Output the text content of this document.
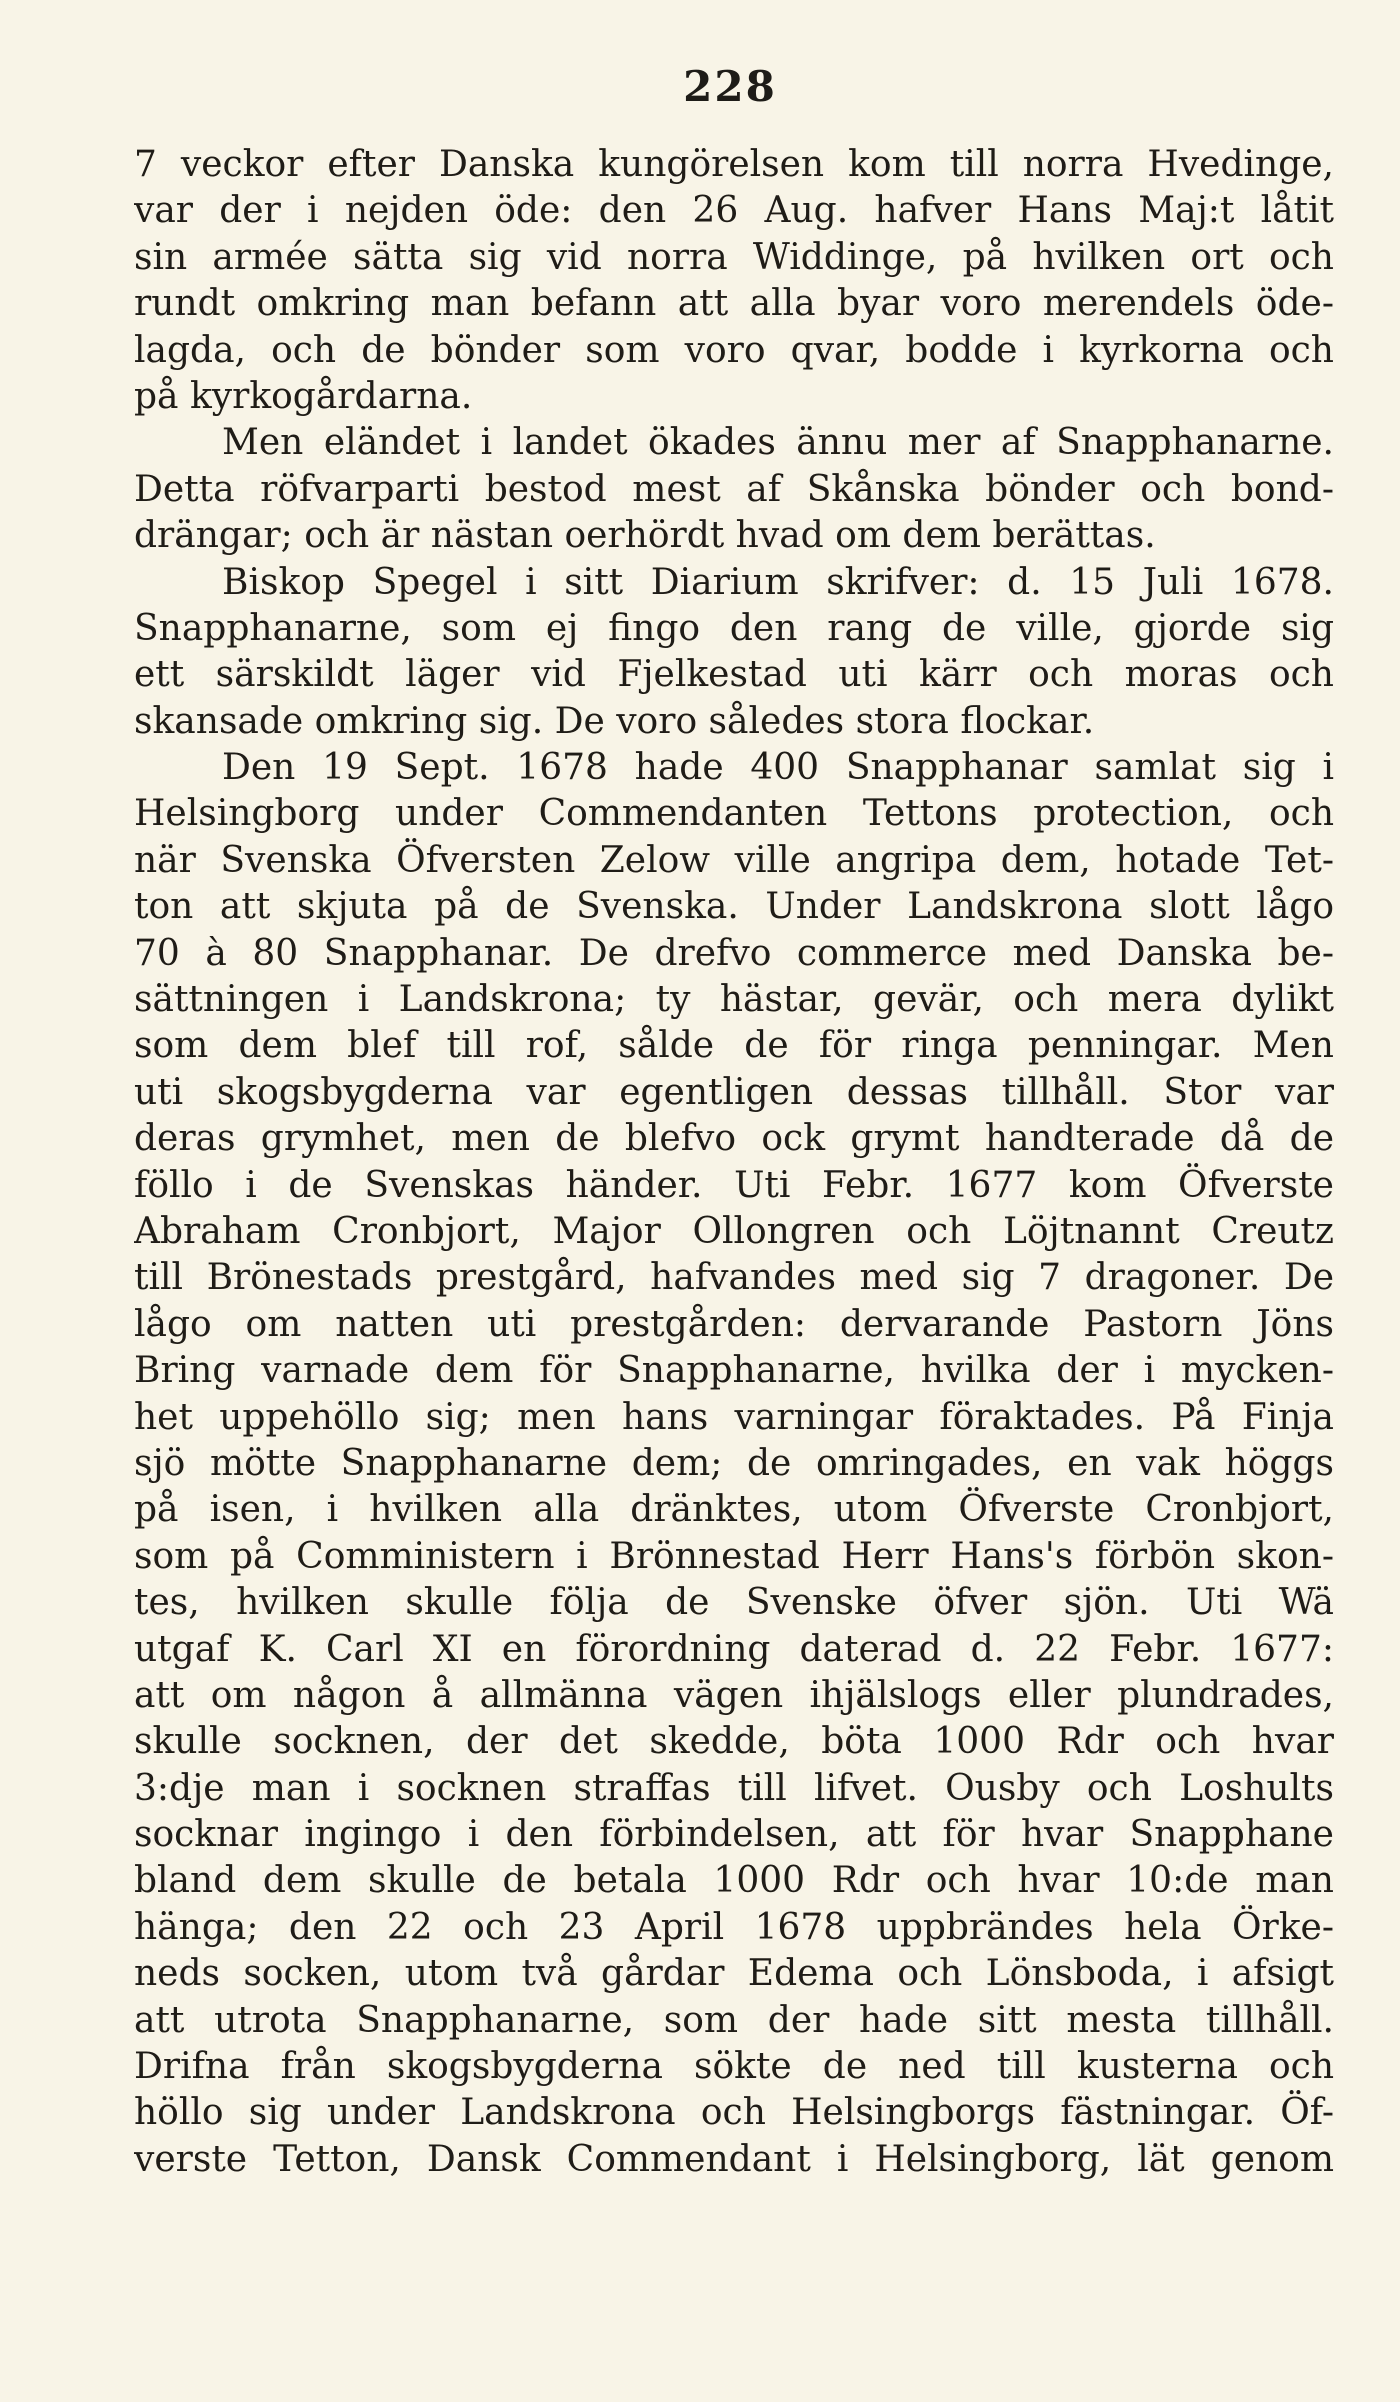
228
7 veckor efter Danska kungörelsen kom till norra Hvedinge,
var der i nejden öde: den 26 Aug. hafver Hans Maj:t låtit
sin armée sätta sig vid norra Widdinge, på hvilken ort och
rundt omkring man befann att alla byar voro merendels öde-
lagda, och de bönder som voro qvar, bodde i kyrkorna och
på kyrkogårdarna.
Men eländet i landet ökades ännu mer af Snapphanarne.
Detta röfvarparti bestod mest af Skånska bönder och bond-
drängar; och är nästan oerhördt hvad om dem berättas.
Biskop Spegel i sitt Diarium skrifver: d. 15 Juli 1678.
Snapphanarne, som ej fingo den rang de ville, gjorde sig
ett särskildt läger vid Fjelkestad uti kärr och moras och
skansade omkring sig. De voro således stora flockar.
Den 19 Sept. 1678 hade 400 Snapphanar samlat sig i
Helsingborg under Commendanten Tettons protection, och
när Svenska Öfversten Zelow ville angripa dem, hotade Tet-
ton att skjuta på de Svenska. Under Landskrona slott lågo
70 à 80 Snapphanar. De drefvo commerce med Danska be-
sättningen i Landskrona; ty hästar, gevär, och mera dylikt
som dem blef till rof, sålde de för ringa penningar. Men
uti skogsbygderna var egentligen dessas tillhåll. Stor var
deras grymhet, men de blefvo ock grymt handterade då de
föllo i de Svenskas händer. Uti Febr. 1677 kom Öfverste
Abraham Cronbjort, Major Ollongren och Löjtnannt Creutz
till Brönestads prestgård, hafvandes med sig 7 dragoner. De
lågo om natten uti prestgården: dervarande Pastorn Jöns
Bring varnade dem för Snapphanarne, hvilka der i mycken-
het uppehöllo sig; men hans varningar föraktades. På Finja
sjö mötte Snapphanarne dem; de omringades, en vak höggs
på isen, i hvilken alla dränktes, utom Öfverste Cronbjort,
som på Comministern i Brönnestad Herr Hans's förbön skon-
tes, hvilken skulle följa de Svenske öfver sjön. Uti Wä
utgaf K. Carl XI en förordning daterad d. 22 Febr. 1677:
att om någon å allmänna vägen ihjälslogs eller plundrades,
skulle socknen, der det skedde, böta 1000 Rdr och hvar
3:dje man i socknen straffas till lifvet. Ousby och Loshults
socknar ingingo i den förbindelsen, att för hvar Snapphane
bland dem skulle de betala 1000 Rdr och hvar 10:de man
hänga; den 22 och 23 April 1678 uppbrändes hela Örke-
neds socken, utom två gårdar Edema och Lönsboda, i afsigt
att utrota Snapphanarne, som der hade sitt mesta tillhåll.
Drifna från skogsbygderna sökte de ned till kusterna och
höllo sig under Landskrona och Helsingborgs fästningar. Öf-
verste Tetton, Dansk Commendant i Helsingborg, lät genom
